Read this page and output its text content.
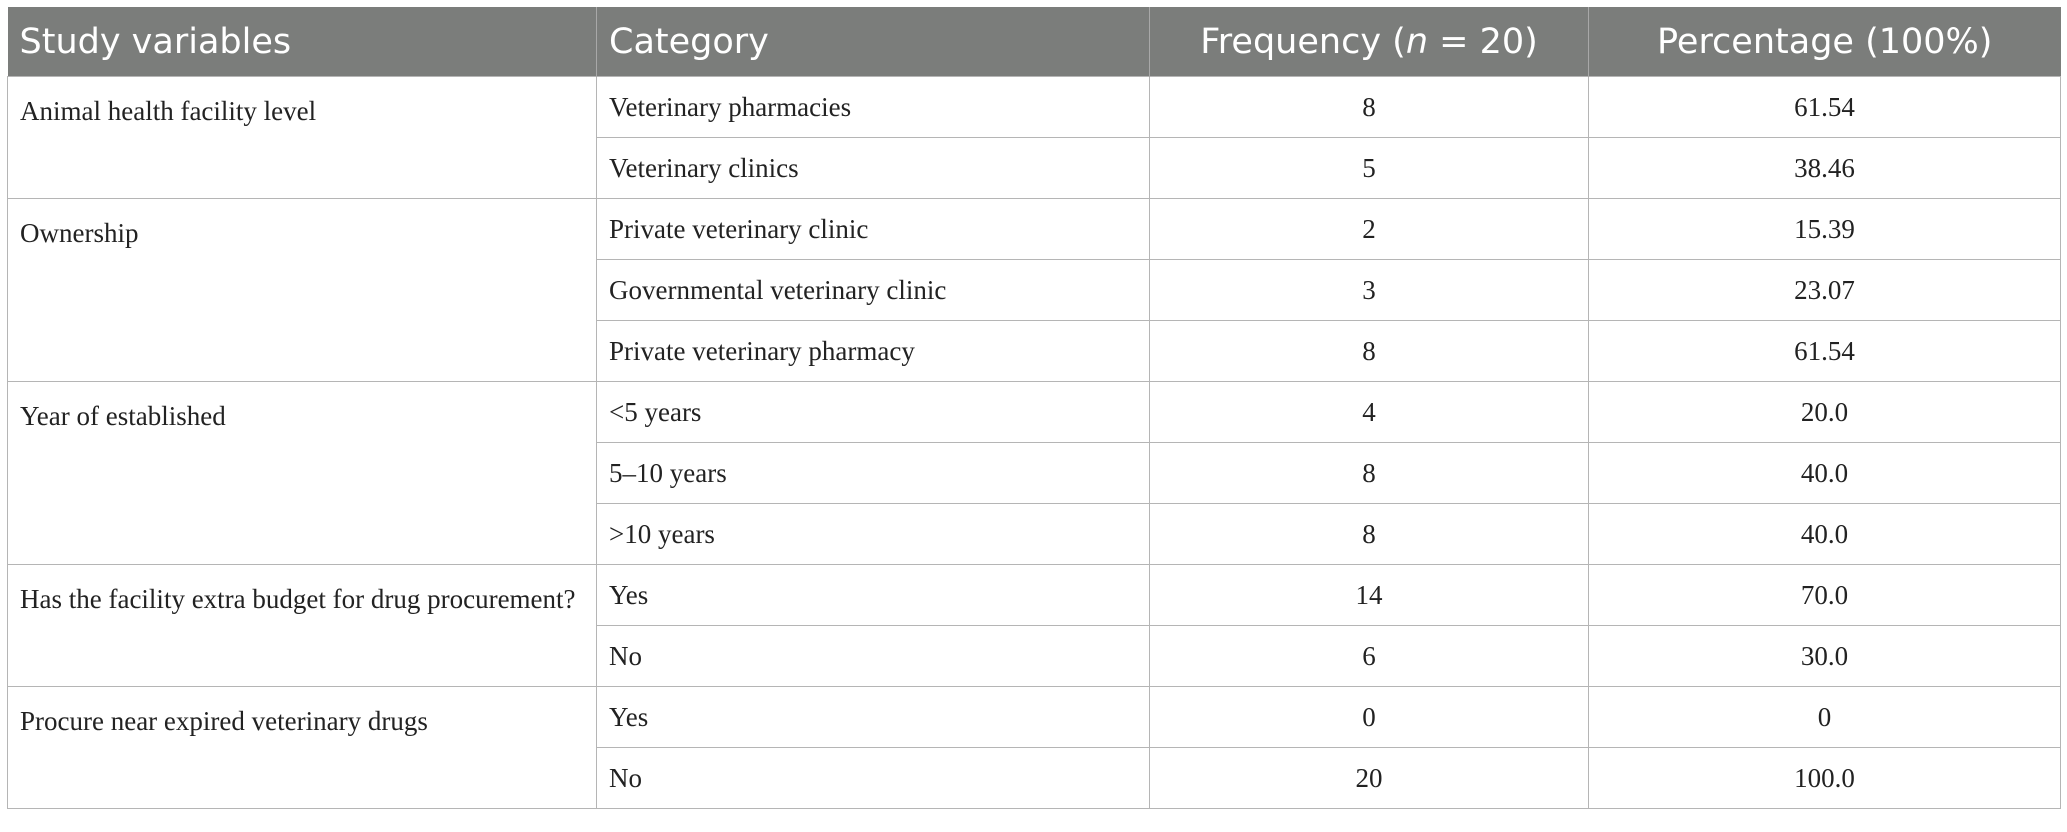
Study variables	Category	Frequency (n = 20)	Percentage (100%)
Animal health facility level	Veterinary pharmacies	8	61.54
	Veterinary clinics	5	38.46
Ownership	Private veterinary clinic	2	15.39
	Governmental veterinary clinic	3	23.07
	Private veterinary pharmacy	8	61.54
Year of established	<5 years	4	20.0
	5–10 years	8	40.0
	>10 years	8	40.0
Has the facility extra budget for drug procurement?	Yes	14	70.0
	No	6	30.0
Procure near expired veterinary drugs	Yes	0	0
	No	20	100.0
